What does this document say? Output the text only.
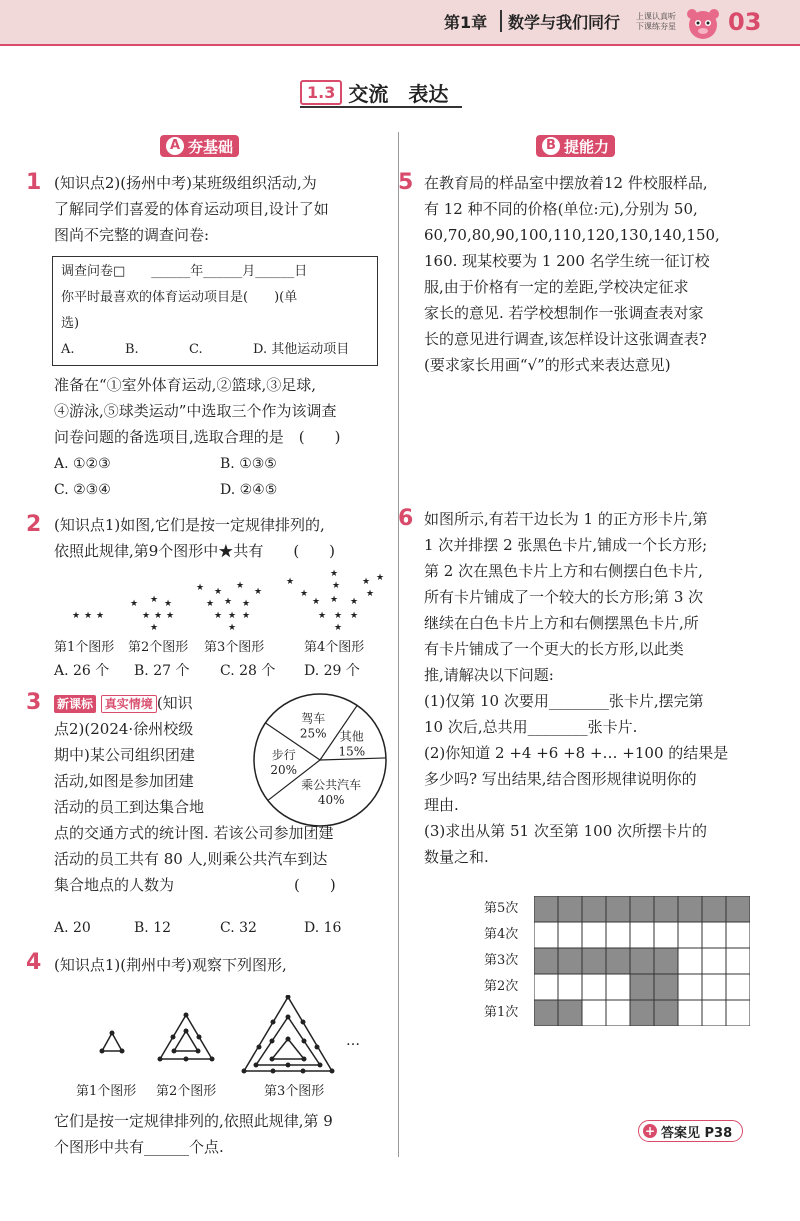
第1章 数学与我们同行 上课认真听
下课练夯星 03
1.3 交流　表达
A 夯基础	B 提能力
1 (知识点2)(扬州中考)某班级组织活动,为
了解同学们喜爱的体育运动项目,设计了如
图尚不完整的调查问卷:
调查问卷□　　______年______月______日
你平时最喜欢的体育运动项目是(　　)(单
选)
A.	B.	C.	D. 其他运动项目
准备在“①室外体育运动,②篮球,③足球,
④游泳,⑤球类运动”中选取三个作为该调查
问卷问题的备选项目,选取合理的是　(　　)
A. ①②③	B. ①③⑤
C. ②③④	D. ②④⑤
2 (知识点1)如图,它们是按一定规律排列的,
依照此规律,第9个图形中★共有　　(　　)
★ ★ ★
★ ★ ★
★ ★ ★
★
★ ★
★
★
★ ★ ★
★ ★ ★
★
★
★
★
★ ★ ★
★ ★ ★
★
★ ★ ★
★
第1个图形 第2个图形 第3个图形	第4个图形
A. 26 个 B. 27 个 C. 28 个 D. 29 个
3 新课标 真实情境 (知识
点2)(2024·徐州校级
期中)某公司组织团建
活动,如图是参加团建
活动的员工到达集合地
点的交通方式的统计图. 若该公司参加团建
活动的员工共有 80 人,则乘公共汽车到达
集合地点的人数为　　　　　　　　(　　)
驾车
25% 其他
15%
乘公共汽车
40%
步行
20%
A. 20	B. 12	C. 32	D. 16
4 (知识点1)(荆州中考)观察下列图形,
…
第1个图形 第2个图形	第3个图形
它们是按一定规律排列的,依照此规律,第 9
个图形中共有______个点.
5 在教育局的样品室中摆放着12 件校服样品,
有 12 种不同的价格(单位:元),分别为 50,
60,70,80,90,100,110,120,130,140,150,
160. 现某校要为 1 200 名学生统一征订校
服,由于价格有一定的差距,学校决定征求
家长的意见. 若学校想制作一张调查表对家
长的意见进行调查,该怎样设计这张调查表?
(要求家长用画“√”的形式来表达意见)
6 如图所示,有若干边长为 1 的正方形卡片,第
1 次并排摆 2 张黑色卡片,铺成一个长方形;
第 2 次在黑色卡片上方和右侧摆白色卡片,
所有卡片铺成了一个较大的长方形;第 3 次
继续在白色卡片上方和右侧摆黑色卡片,所
有卡片铺成了一个更大的长方形,以此类
推,请解决以下问题:
(1)仅第 10 次要用________张卡片,摆完第
10 次后,总共用________张卡片.
(2)你知道 2 +4 +6 +8 +… +100 的结果是
多少吗? 写出结果,结合图形规律说明你的
理由.
(3)求出从第 51 次至第 100 次所摆卡片的
数量之和.
第5次
第4次
第3次
第2次
第1次
+ 答案见 P38
